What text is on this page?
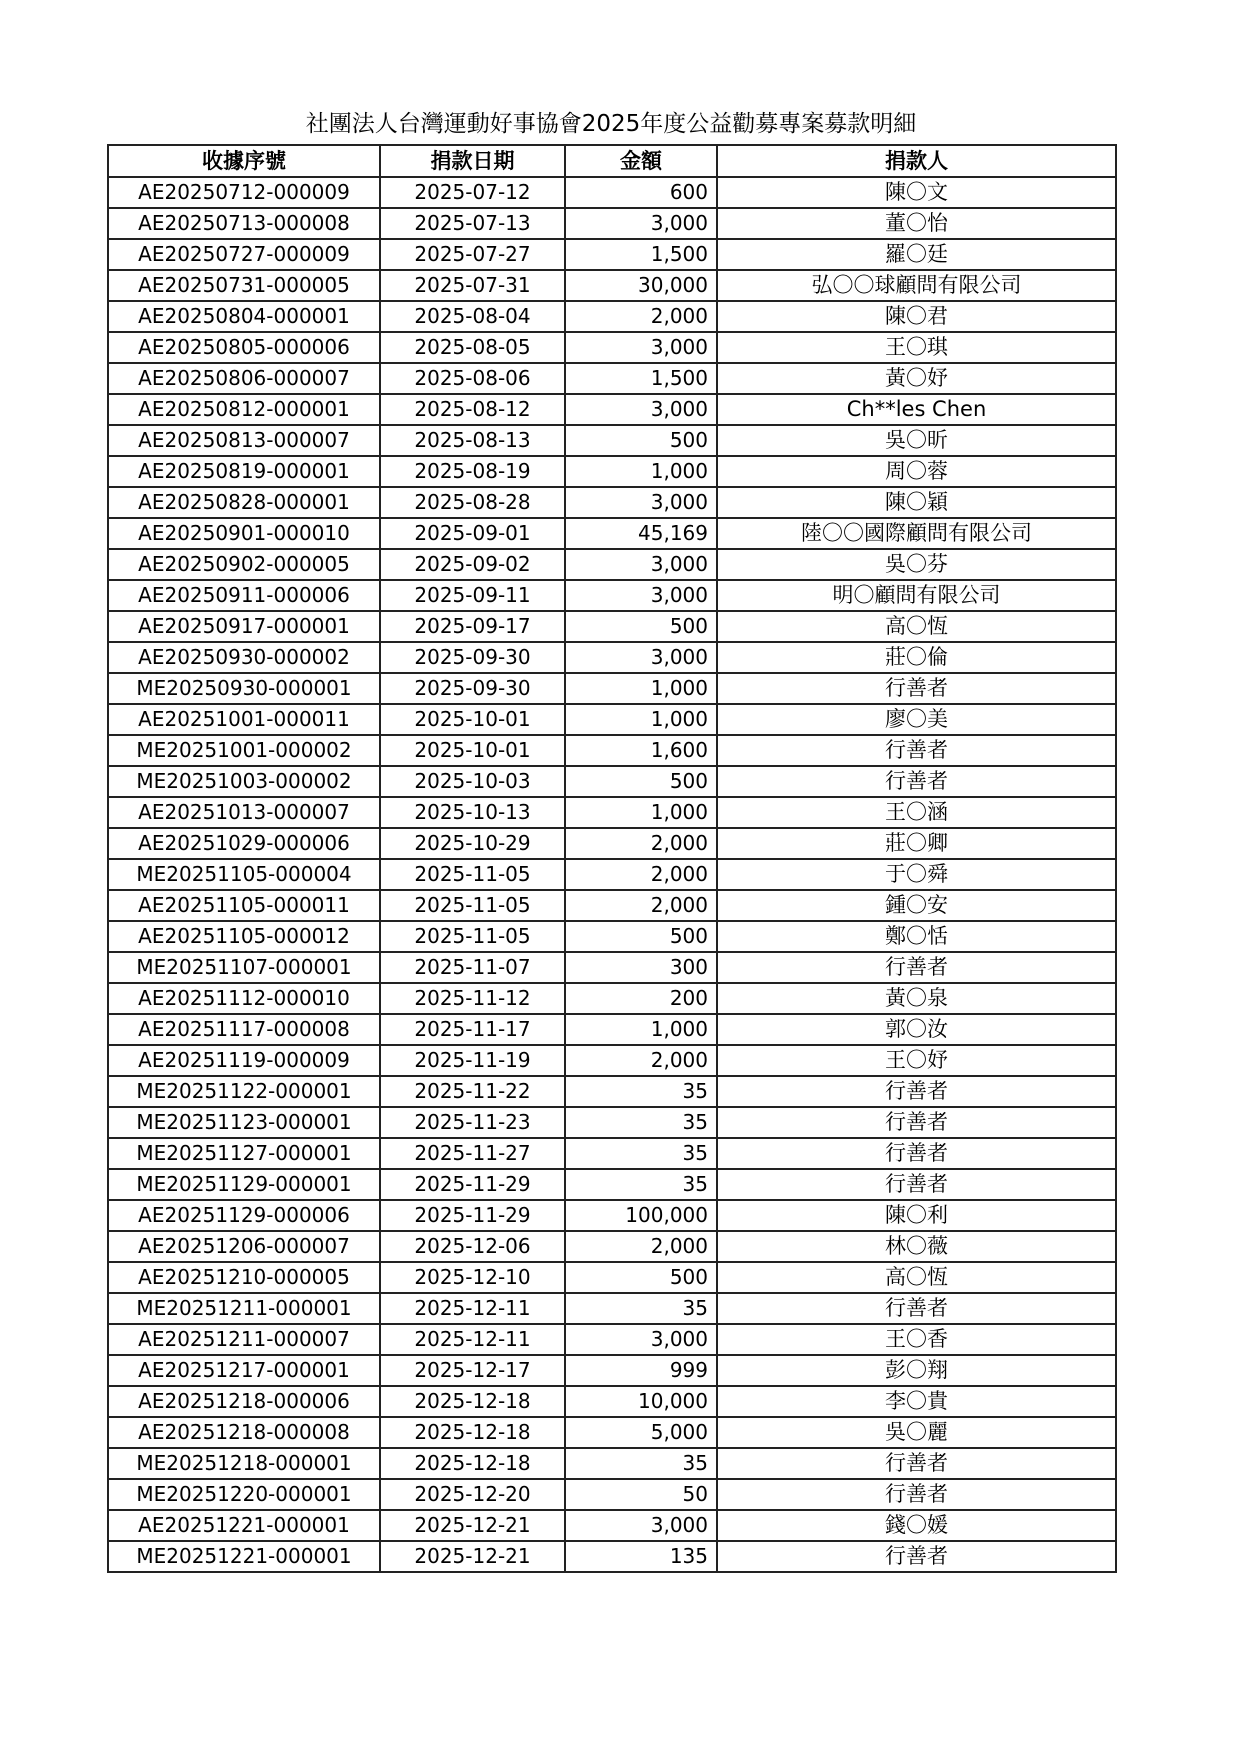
社團法人台灣運動好事協會2025年度公益勸募專案募款明細
收據序號	捐款日期	金額	捐款人
AE20250712-000009	2025-07-12	600	陳〇文
AE20250713-000008	2025-07-13	3,000	董〇怡
AE20250727-000009	2025-07-27	1,500	羅〇廷
AE20250731-000005	2025-07-31	30,000	弘〇〇球顧問有限公司
AE20250804-000001	2025-08-04	2,000	陳〇君
AE20250805-000006	2025-08-05	3,000	王〇琪
AE20250806-000007	2025-08-06	1,500	黃〇妤
AE20250812-000001	2025-08-12	3,000	Ch**les Chen
AE20250813-000007	2025-08-13	500	吳〇昕
AE20250819-000001	2025-08-19	1,000	周〇蓉
AE20250828-000001	2025-08-28	3,000	陳〇穎
AE20250901-000010	2025-09-01	45,169	陸〇〇國際顧問有限公司
AE20250902-000005	2025-09-02	3,000	吳〇芬
AE20250911-000006	2025-09-11	3,000	明〇顧問有限公司
AE20250917-000001	2025-09-17	500	高〇恆
AE20250930-000002	2025-09-30	3,000	莊〇倫
ME20250930-000001	2025-09-30	1,000	行善者
AE20251001-000011	2025-10-01	1,000	廖〇美
ME20251001-000002	2025-10-01	1,600	行善者
ME20251003-000002	2025-10-03	500	行善者
AE20251013-000007	2025-10-13	1,000	王〇涵
AE20251029-000006	2025-10-29	2,000	莊〇卿
ME20251105-000004	2025-11-05	2,000	于〇舜
AE20251105-000011	2025-11-05	2,000	鍾〇安
AE20251105-000012	2025-11-05	500	鄭〇恬
ME20251107-000001	2025-11-07	300	行善者
AE20251112-000010	2025-11-12	200	黃〇泉
AE20251117-000008	2025-11-17	1,000	郭〇汝
AE20251119-000009	2025-11-19	2,000	王〇妤
ME20251122-000001	2025-11-22	35	行善者
ME20251123-000001	2025-11-23	35	行善者
ME20251127-000001	2025-11-27	35	行善者
ME20251129-000001	2025-11-29	35	行善者
AE20251129-000006	2025-11-29	100,000	陳〇利
AE20251206-000007	2025-12-06	2,000	林〇薇
AE20251210-000005	2025-12-10	500	高〇恆
ME20251211-000001	2025-12-11	35	行善者
AE20251211-000007	2025-12-11	3,000	王〇香
AE20251217-000001	2025-12-17	999	彭〇翔
AE20251218-000006	2025-12-18	10,000	李〇貴
AE20251218-000008	2025-12-18	5,000	吳〇麗
ME20251218-000001	2025-12-18	35	行善者
ME20251220-000001	2025-12-20	50	行善者
AE20251221-000001	2025-12-21	3,000	錢〇媛
ME20251221-000001	2025-12-21	135	行善者
